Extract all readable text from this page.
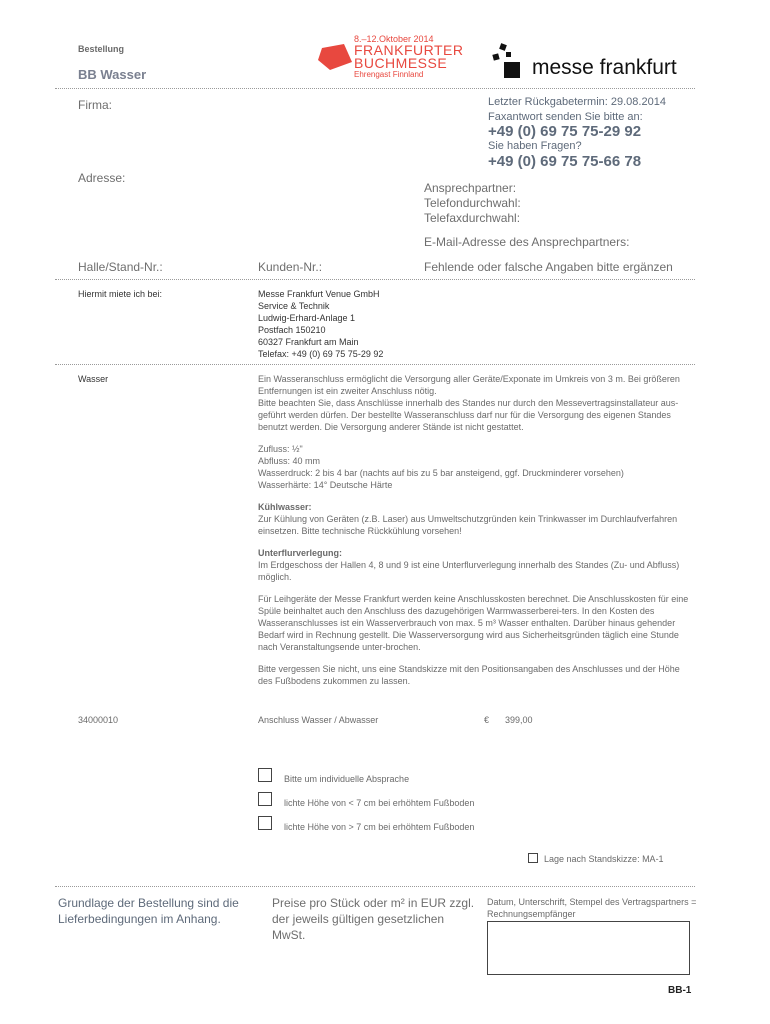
Bestellung
BB Wasser
8.–12.Oktober 2014
FRANKFURTER
BUCHMESSE
Ehrengast Finnland	messe frankfurt
Firma:	Letzter Rückgabetermin: 29.08.2014
Faxantwort senden Sie bitte an:
+49 (0) 69 75 75-29 92
Sie haben Fragen?
+49 (0) 69 75 75-66 78
Adresse:
Ansprechpartner:
Telefondurchwahl:
Telefaxdurchwahl:
E-Mail-Adresse des Ansprechpartners:
Halle/Stand-Nr.:	Kunden-Nr.:	Fehlende oder falsche Angaben bitte ergänzen
Hiermit miete ich bei:	Messe Frankfurt Venue GmbH
Service & Technik
Ludwig-Erhard-Anlage 1
Postfach 150210
60327 Frankfurt am Main
Telefax: +49 (0) 69 75 75-29 92
Wasser	Ein Wasseranschluss ermöglicht die Versorgung aller Geräte/Exponate im Umkreis von 3 m. Bei größeren Entfernungen ist ein zweiter Anschluss nötig.

Bitte beachten Sie, dass Anschlüsse innerhalb des Standes nur durch den Messevertragsinstallateur aus-geführt werden dürfen. Der bestellte Wasseranschluss darf nur für die Versorgung des eigenen Standes benutzt werden. Die Versorgung anderer Stände ist nicht gestattet.

Zufluss: ½"

Abfluss: 40 mm

Wasserdruck: 2 bis 4 bar (nachts auf bis zu 5 bar ansteigend, ggf. Druckminderer vorsehen)

Wasserhärte: 14° Deutsche Härte

Kühlwasser:

Zur Kühlung von Geräten (z.B. Laser) aus Umweltschutzgründen kein Trinkwasser im Durchlaufverfahren einsetzen. Bitte technische Rückkühlung vorsehen!

Unterflurverlegung:

Im Erdgeschoss der Hallen 4, 8 und 9 ist eine Unterflurverlegung innerhalb des Standes (Zu- und Abfluss) möglich.

Für Leihgeräte der Messe Frankfurt werden keine Anschlusskosten berechnet. Die Anschlusskosten für eine Spüle beinhaltet auch den Anschluss des dazugehörigen Warmwasserberei-ters. In den Kosten des Wasseranschlusses ist ein Wasserverbrauch von max. 5 m³ Wasser enthalten. Darüber hinaus gehender Bedarf wird in Rechnung gestellt. Die Wasserversorgung wird aus Sicherheitsgründen täglich eine Stunde nach Veranstaltungsende unter-brochen.

Bitte vergessen Sie nicht, uns eine Standskizze mit den Positionsangaben des Anschlusses und der Höhe des Fußbodens zukommen zu lassen.

34000010	Anschluss Wasser / Abwasser	€ 399,00
Bitte um individuelle Absprache
lichte Höhe von < 7 cm bei erhöhtem Fußboden
lichte Höhe von > 7 cm bei erhöhtem Fußboden
Lage nach Standskizze: MA-1
Grundlage der Bestellung sind die Lieferbedingungen im Anhang.
Preise pro Stück oder m² in EUR zzgl. der jeweils gültigen gesetzlichen MwSt.
Datum, Unterschrift, Stempel des Vertragspartners = Rechnungsempfänger
BB-1
